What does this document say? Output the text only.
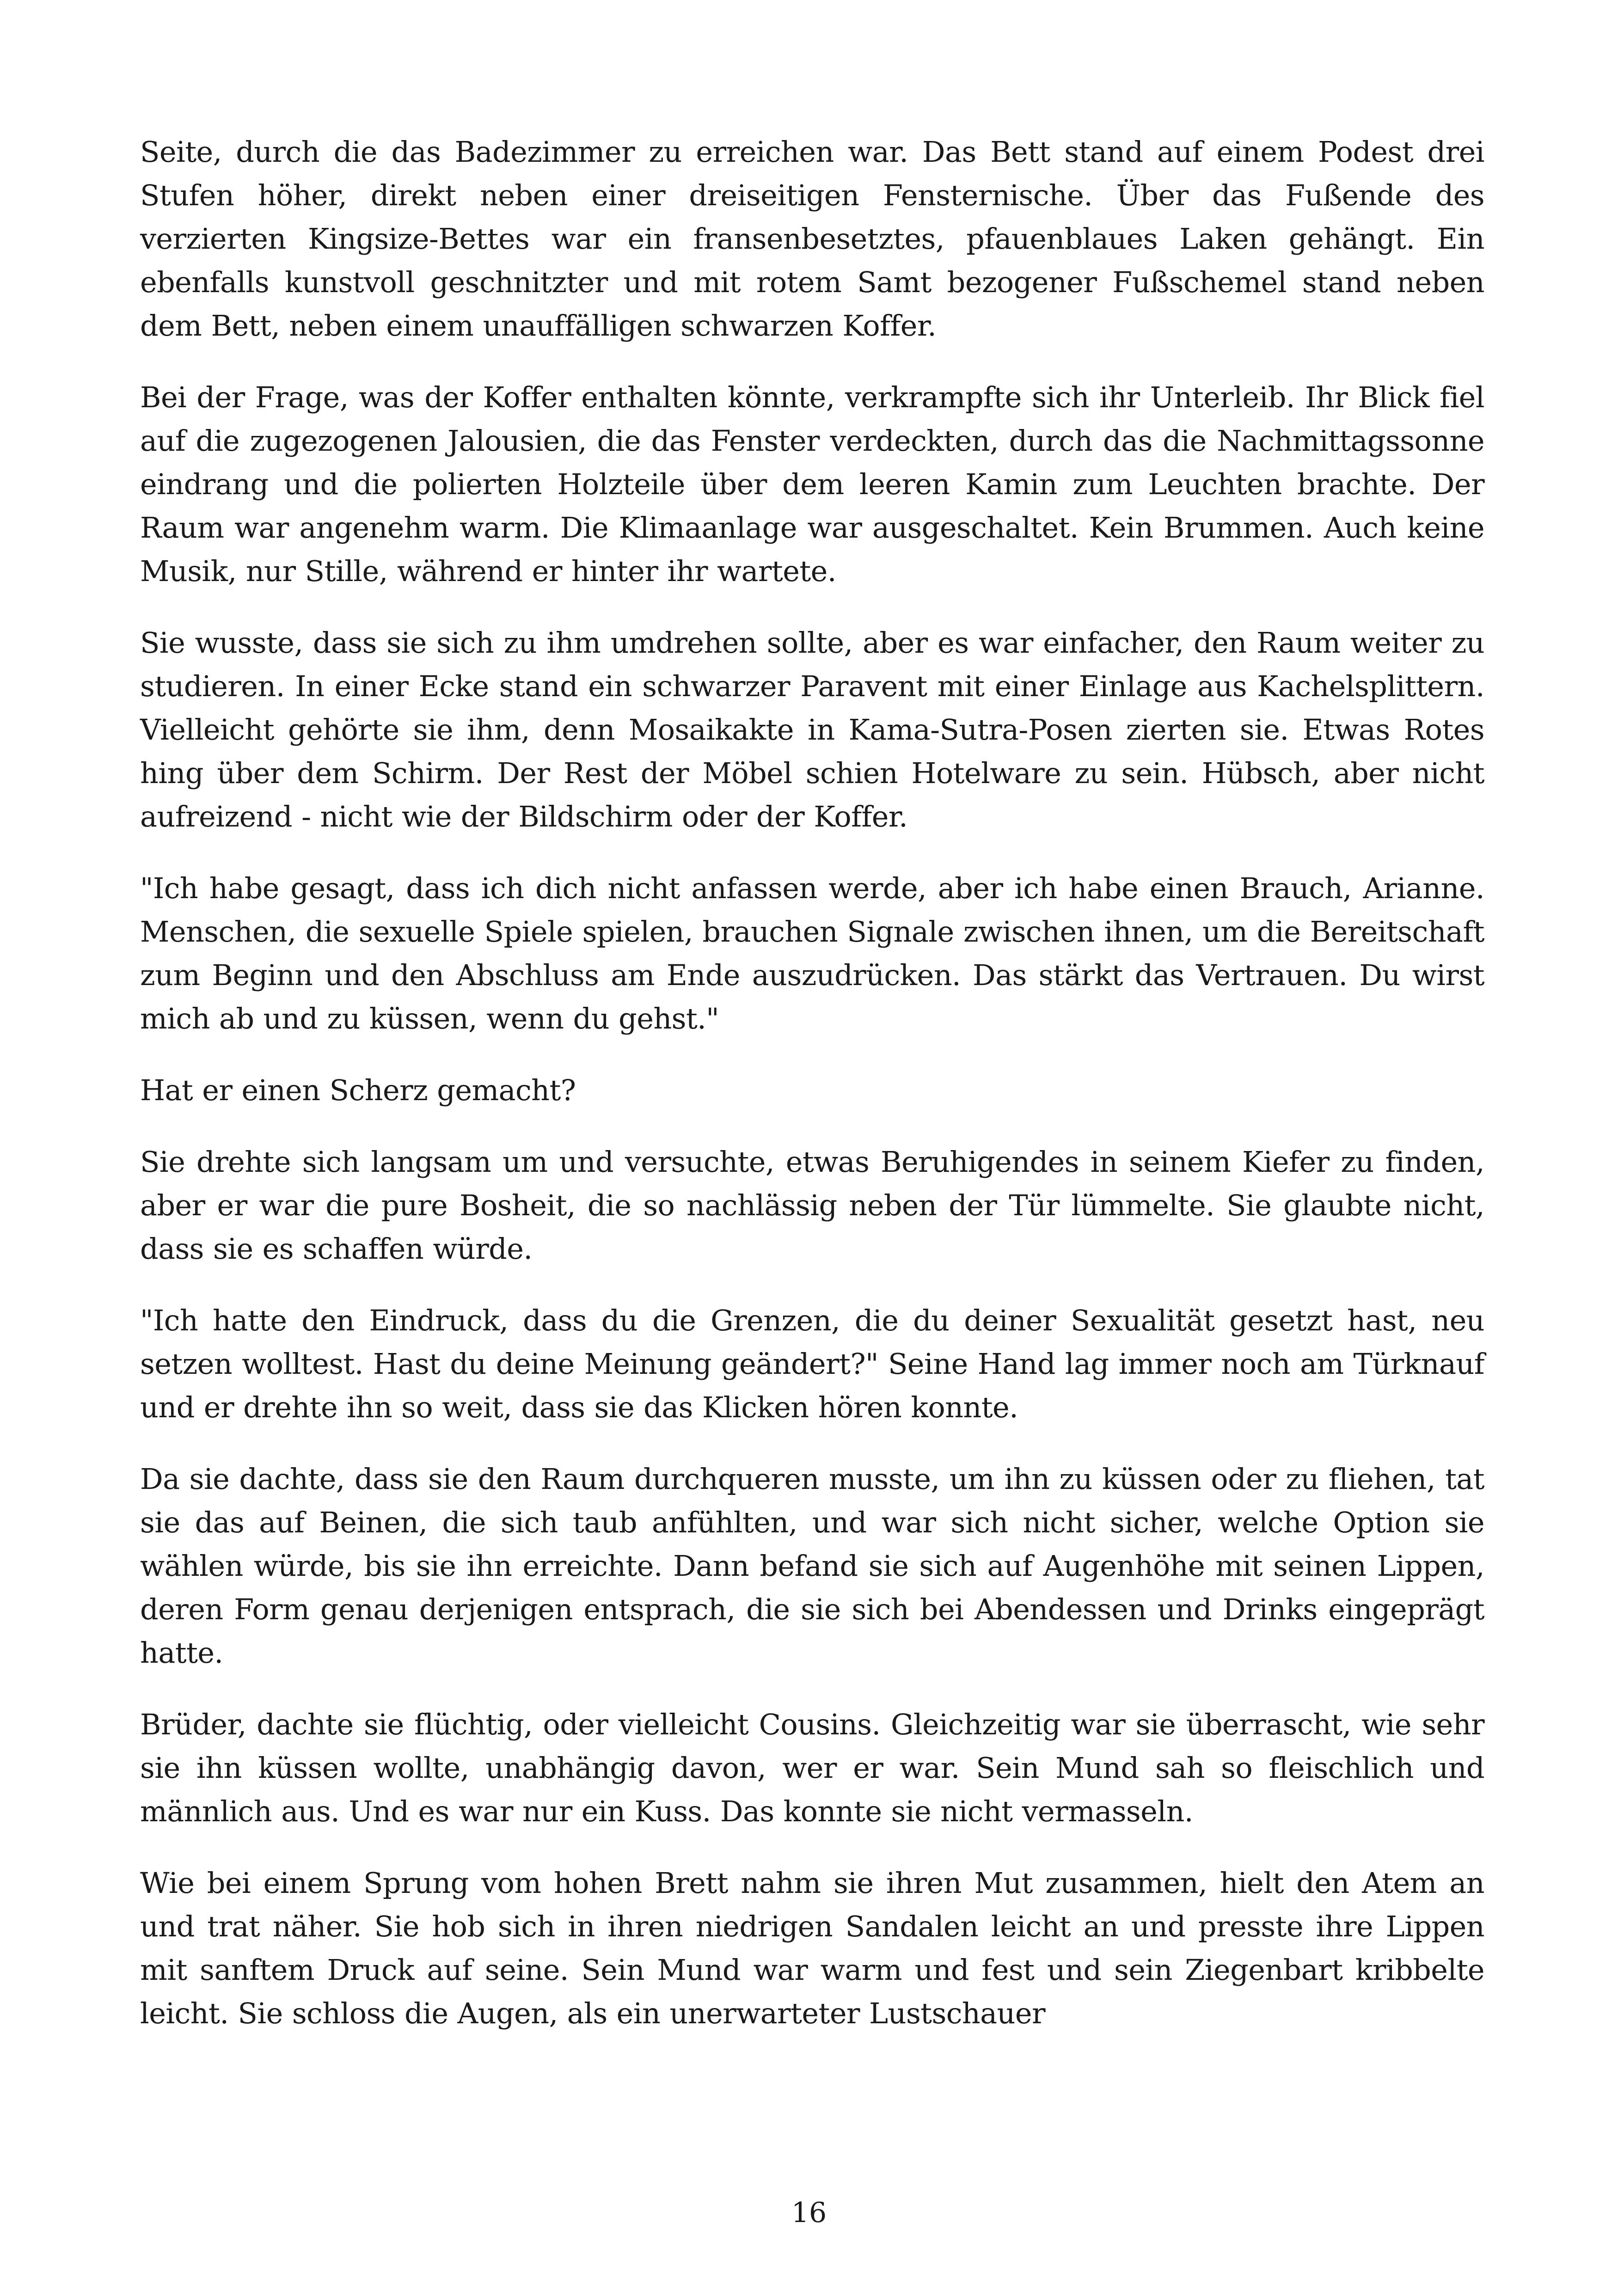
Seite, durch die das Badezimmer zu erreichen war. Das Bett stand auf einem Podest drei Stufen höher, direkt neben einer dreiseitigen Fensternische. Über das Fußende des verzierten Kingsize-Bettes war ein fransenbesetztes, pfauenblaues Laken gehängt. Ein ebenfalls kunstvoll geschnitzter und mit rotem Samt bezogener Fußschemel stand neben dem Bett, neben einem unauffälligen schwarzen Koffer.

Bei der Frage, was der Koffer enthalten könnte, verkrampfte sich ihr Unterleib. Ihr Blick fiel auf die zugezogenen Jalousien, die das Fenster verdeckten, durch das die Nachmittagssonne eindrang und die polierten Holzteile über dem leeren Kamin zum Leuchten brachte. Der Raum war angenehm warm. Die Klimaanlage war ausgeschaltet. Kein Brummen. Auch keine Musik, nur Stille, während er hinter ihr wartete.

Sie wusste, dass sie sich zu ihm umdrehen sollte, aber es war einfacher, den Raum weiter zu studieren. In einer Ecke stand ein schwarzer Paravent mit einer Einlage aus Kachelsplittern. Vielleicht gehörte sie ihm, denn Mosaikakte in Kama-Sutra-Posen zierten sie. Etwas Rotes hing über dem Schirm. Der Rest der Möbel schien Hotelware zu sein. Hübsch, aber nicht aufreizend - nicht wie der Bildschirm oder der Koffer.

"Ich habe gesagt, dass ich dich nicht anfassen werde, aber ich habe einen Brauch, Arianne. Menschen, die sexuelle Spiele spielen, brauchen Signale zwischen ihnen, um die Bereitschaft zum Beginn und den Abschluss am Ende auszudrücken. Das stärkt das Vertrauen. Du wirst mich ab und zu küssen, wenn du gehst."

Hat er einen Scherz gemacht?

Sie drehte sich langsam um und versuchte, etwas Beruhigendes in seinem Kiefer zu finden, aber er war die pure Bosheit, die so nachlässig neben der Tür lümmelte. Sie glaubte nicht, dass sie es schaffen würde.

"Ich hatte den Eindruck, dass du die Grenzen, die du deiner Sexualität gesetzt hast, neu setzen wolltest. Hast du deine Meinung geändert?" Seine Hand lag immer noch am Türknauf und er drehte ihn so weit, dass sie das Klicken hören konnte.

Da sie dachte, dass sie den Raum durchqueren musste, um ihn zu küssen oder zu fliehen, tat sie das auf Beinen, die sich taub anfühlten, und war sich nicht sicher, welche Option sie wählen würde, bis sie ihn erreichte. Dann befand sie sich auf Augenhöhe mit seinen Lippen, deren Form genau derjenigen entsprach, die sie sich bei Abendessen und Drinks eingeprägt hatte.

Brüder, dachte sie flüchtig, oder vielleicht Cousins. Gleichzeitig war sie überrascht, wie sehr sie ihn küssen wollte, unabhängig davon, wer er war. Sein Mund sah so fleischlich und männlich aus. Und es war nur ein Kuss. Das konnte sie nicht vermasseln.

Wie bei einem Sprung vom hohen Brett nahm sie ihren Mut zusammen, hielt den Atem an und trat näher. Sie hob sich in ihren niedrigen Sandalen leicht an und presste ihre Lippen mit sanftem Druck auf seine. Sein Mund war warm und fest und sein Ziegenbart kribbelte leicht. Sie schloss die Augen, als ein unerwarteter Lustschauer

16
